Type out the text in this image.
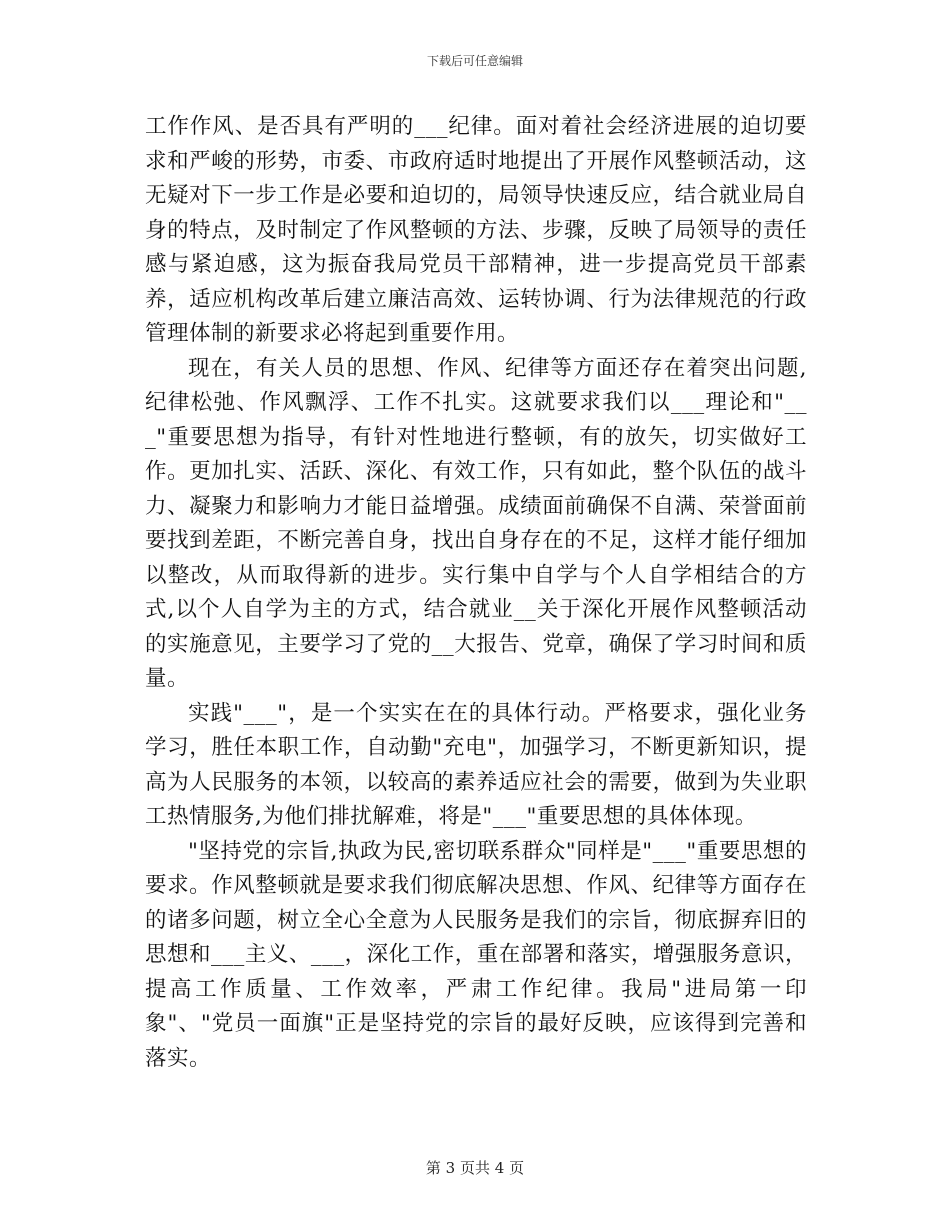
下载后可任意编辑

工作作风、是否具有严明的___纪律。面对着社会经济进展的迫切要求和严峻的形势，市委、市政府适时地提出了开展作风整顿活动，这无疑对下一步工作是必要和迫切的，局领导快速反应，结合就业局自身的特点，及时制定了作风整顿的方法、步骤，反映了局领导的责任感与紧迫感，这为振奋我局党员干部精神，进一步提高党员干部素养，适应机构改革后建立廉洁高效、运转协调、行为法律规范的行政管理体制的新要求必将起到重要作用。

现在，有关人员的思想、作风、纪律等方面还存在着突出问题,纪律松弛、作风飘浮、工作不扎实。这就要求我们以___理论和"___"重要思想为指导，有针对性地进行整顿，有的放矢，切实做好工作。更加扎实、活跃、深化、有效工作，只有如此，整个队伍的战斗力、凝聚力和影响力才能日益增强。成绩面前确保不自满、荣誉面前要找到差距，不断完善自身，找出自身存在的不足，这样才能仔细加以整改，从而取得新的进步。实行集中自学与个人自学相结合的方式,以个人自学为主的方式，结合就业__关于深化开展作风整顿活动的实施意见，主要学习了党的__大报告、党章，确保了学习时间和质量。

实践"___"，是一个实实在在的具体行动。严格要求，强化业务学习，胜任本职工作，自动勤"充电"，加强学习，不断更新知识，提高为人民服务的本领，以较高的素养适应社会的需要，做到为失业职工热情服务,为他们排扰解难，将是"___"重要思想的具体体现。

"坚持党的宗旨,执政为民,密切联系群众"同样是"___"重要思想的要求。作风整顿就是要求我们彻底解决思想、作风、纪律等方面存在的诸多问题，树立全心全意为人民服务是我们的宗旨，彻底摒弃旧的思想和___主义、___，深化工作，重在部署和落实，增强服务意识，提高工作质量、工作效率，严肃工作纪律。我局"进局第一印象"、"党员一面旗"正是坚持党的宗旨的最好反映，应该得到完善和落实。

第 3 页共 4 页
